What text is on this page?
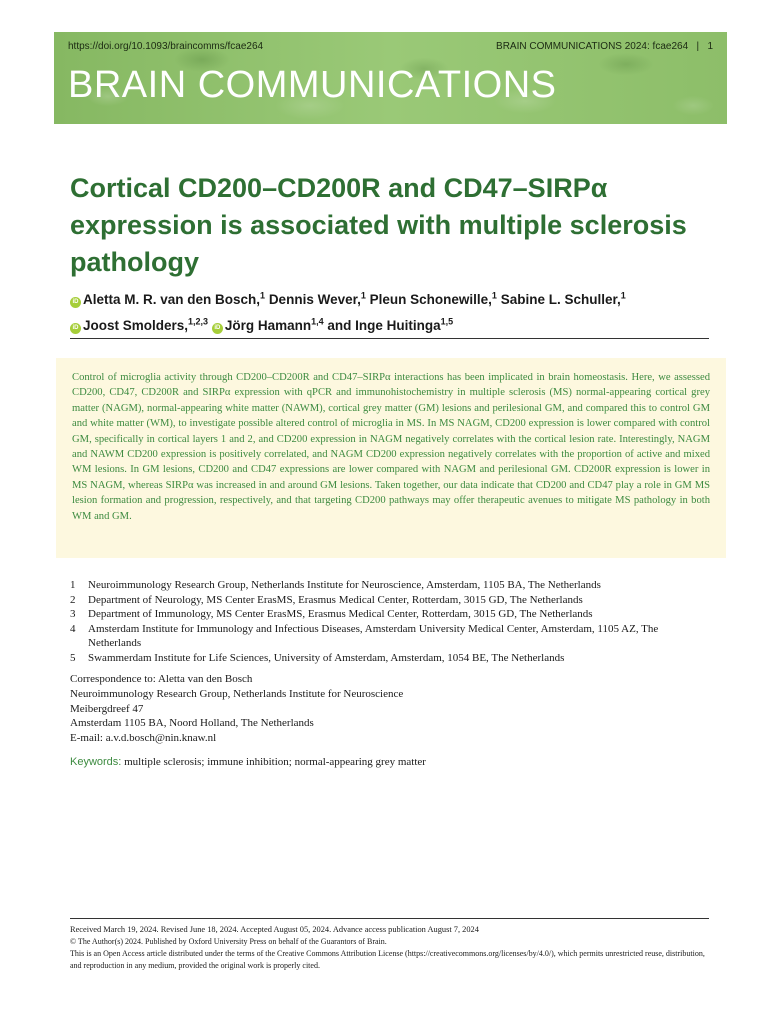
https://doi.org/10.1093/braincomms/fcae264	BRAIN COMMUNICATIONS 2024: fcae264 | 1
BRAIN COMMUNICATIONS
Cortical CD200–CD200R and CD47–SIRPα expression is associated with multiple sclerosis pathology
iD Aletta M. R. van den Bosch,$^1$ Dennis Wever,$^1$ Pleun Schonewille,$^1$ Sabine L. Schuller,$^1$
iD Joost Smolders,$^{1,2,3}$ iD Jörg Hamann$^{1,4}$ and Inge Huitinga$^{1,5}$
Control of microglia activity through CD200–CD200R and CD47–SIRPα interactions has been implicated in brain homeostasis. Here, we assessed CD200, CD47, CD200R and SIRPα expression with qPCR and immunohistochemistry in multiple sclerosis (MS) normal-appearing cortical grey matter (NAGM), normal-appearing white matter (NAWM), cortical grey matter (GM) lesions and perilesional GM, and compared this to control GM and white matter (WM), to investigate possible altered control of microglia in MS. In MS NAGM, CD200 expression is lower compared with control GM, specifically in cortical layers 1 and 2, and CD200 expression in NAGM negatively correlates with the cortical lesion rate. Interestingly, NAGM and NAWM CD200 expression is positively correlated, and NAGM CD200 expression negatively correlates with the proportion of active and mixed WM lesions. In GM lesions, CD200 and CD47 expressions are lower compared with NAGM and perilesional GM. CD200R expression is lower in MS NAGM, whereas SIRPα was increased in and around GM lesions. Taken together, our data indicate that CD200 and CD47 play a role in GM MS lesion formation and progression, respectively, and that targeting CD200 pathways may offer therapeutic avenues to mitigate MS pathology in both WM and GM.
1	Neuroimmunology Research Group, Netherlands Institute for Neuroscience, Amsterdam, 1105 BA, The Netherlands
2	Department of Neurology, MS Center ErasMS, Erasmus Medical Center, Rotterdam, 3015 GD, The Netherlands
3	Department of Immunology, MS Center ErasMS, Erasmus Medical Center, Rotterdam, 3015 GD, The Netherlands
4	Amsterdam Institute for Immunology and Infectious Diseases, Amsterdam University Medical Center, Amsterdam, 1105 AZ, The Netherlands
5	Swammerdam Institute for Life Sciences, University of Amsterdam, Amsterdam, 1054 BE, The Netherlands
Correspondence to: Aletta van den Bosch
Neuroimmunology Research Group, Netherlands Institute for Neuroscience
Meibergdreef 47
Amsterdam 1105 BA, Noord Holland, The Netherlands
E-mail: a.v.d.bosch@nin.knaw.nl
Keywords: multiple sclerosis; immune inhibition; normal-appearing grey matter
Received March 19, 2024. Revised June 18, 2024. Accepted August 05, 2024. Advance access publication August 7, 2024
© The Author(s) 2024. Published by Oxford University Press on behalf of the Guarantors of Brain.
This is an Open Access article distributed under the terms of the Creative Commons Attribution License (https://creativecommons.org/licenses/by/4.0/), which permits unrestricted reuse, distribution, and reproduction in any medium, provided the original work is properly cited.
